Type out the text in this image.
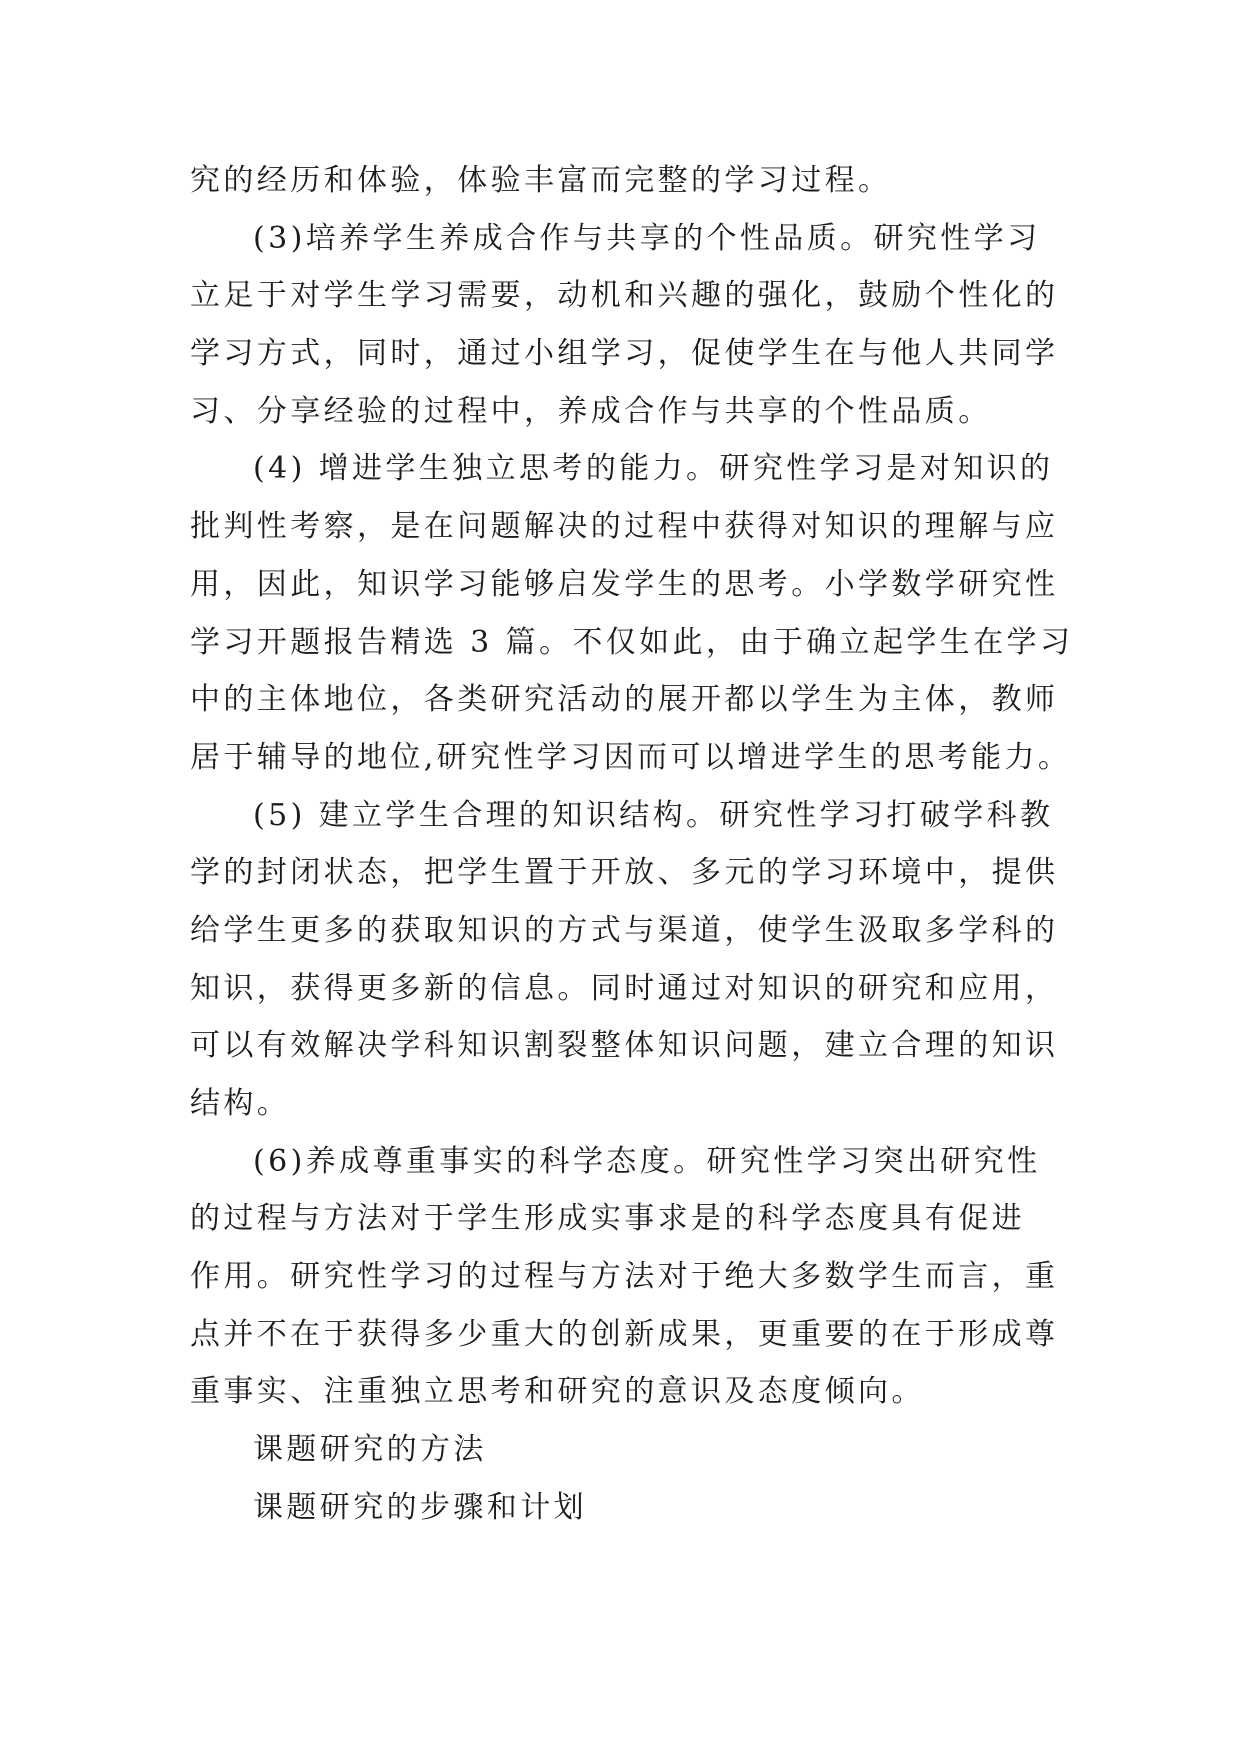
究的经历和体验，体验丰富而完整的学习过程。
(3)培养学生养成合作与共享的个性品质。研究性学习
立足于对学生学习需要，动机和兴趣的强化，鼓励个性化的
学习方式，同时，通过小组学习，促使学生在与他人共同学
习、分享经验的过程中，养成合作与共享的个性品质。
(4) 增进学生独立思考的能力。研究性学习是对知识的
批判性考察，是在问题解决的过程中获得对知识的理解与应
用，因此，知识学习能够启发学生的思考。小学数学研究性
学习开题报告精选 3 篇。不仅如此，由于确立起学生在学习
中的主体地位，各类研究活动的展开都以学生为主体，教师
居于辅导的地位,研究性学习因而可以增进学生的思考能力。
(5) 建立学生合理的知识结构。研究性学习打破学科教
学的封闭状态，把学生置于开放、多元的学习环境中，提供
给学生更多的获取知识的方式与渠道，使学生汲取多学科的
知识，获得更多新的信息。同时通过对知识的研究和应用，
可以有效解决学科知识割裂整体知识问题，建立合理的知识
结构。
(6)养成尊重事实的科学态度。研究性学习突出研究性
的过程与方法对于学生形成实事求是的科学态度具有促进
作用。研究性学习的过程与方法对于绝大多数学生而言，重
点并不在于获得多少重大的创新成果，更重要的在于形成尊
重事实、注重独立思考和研究的意识及态度倾向。
课题研究的方法
课题研究的步骤和计划
